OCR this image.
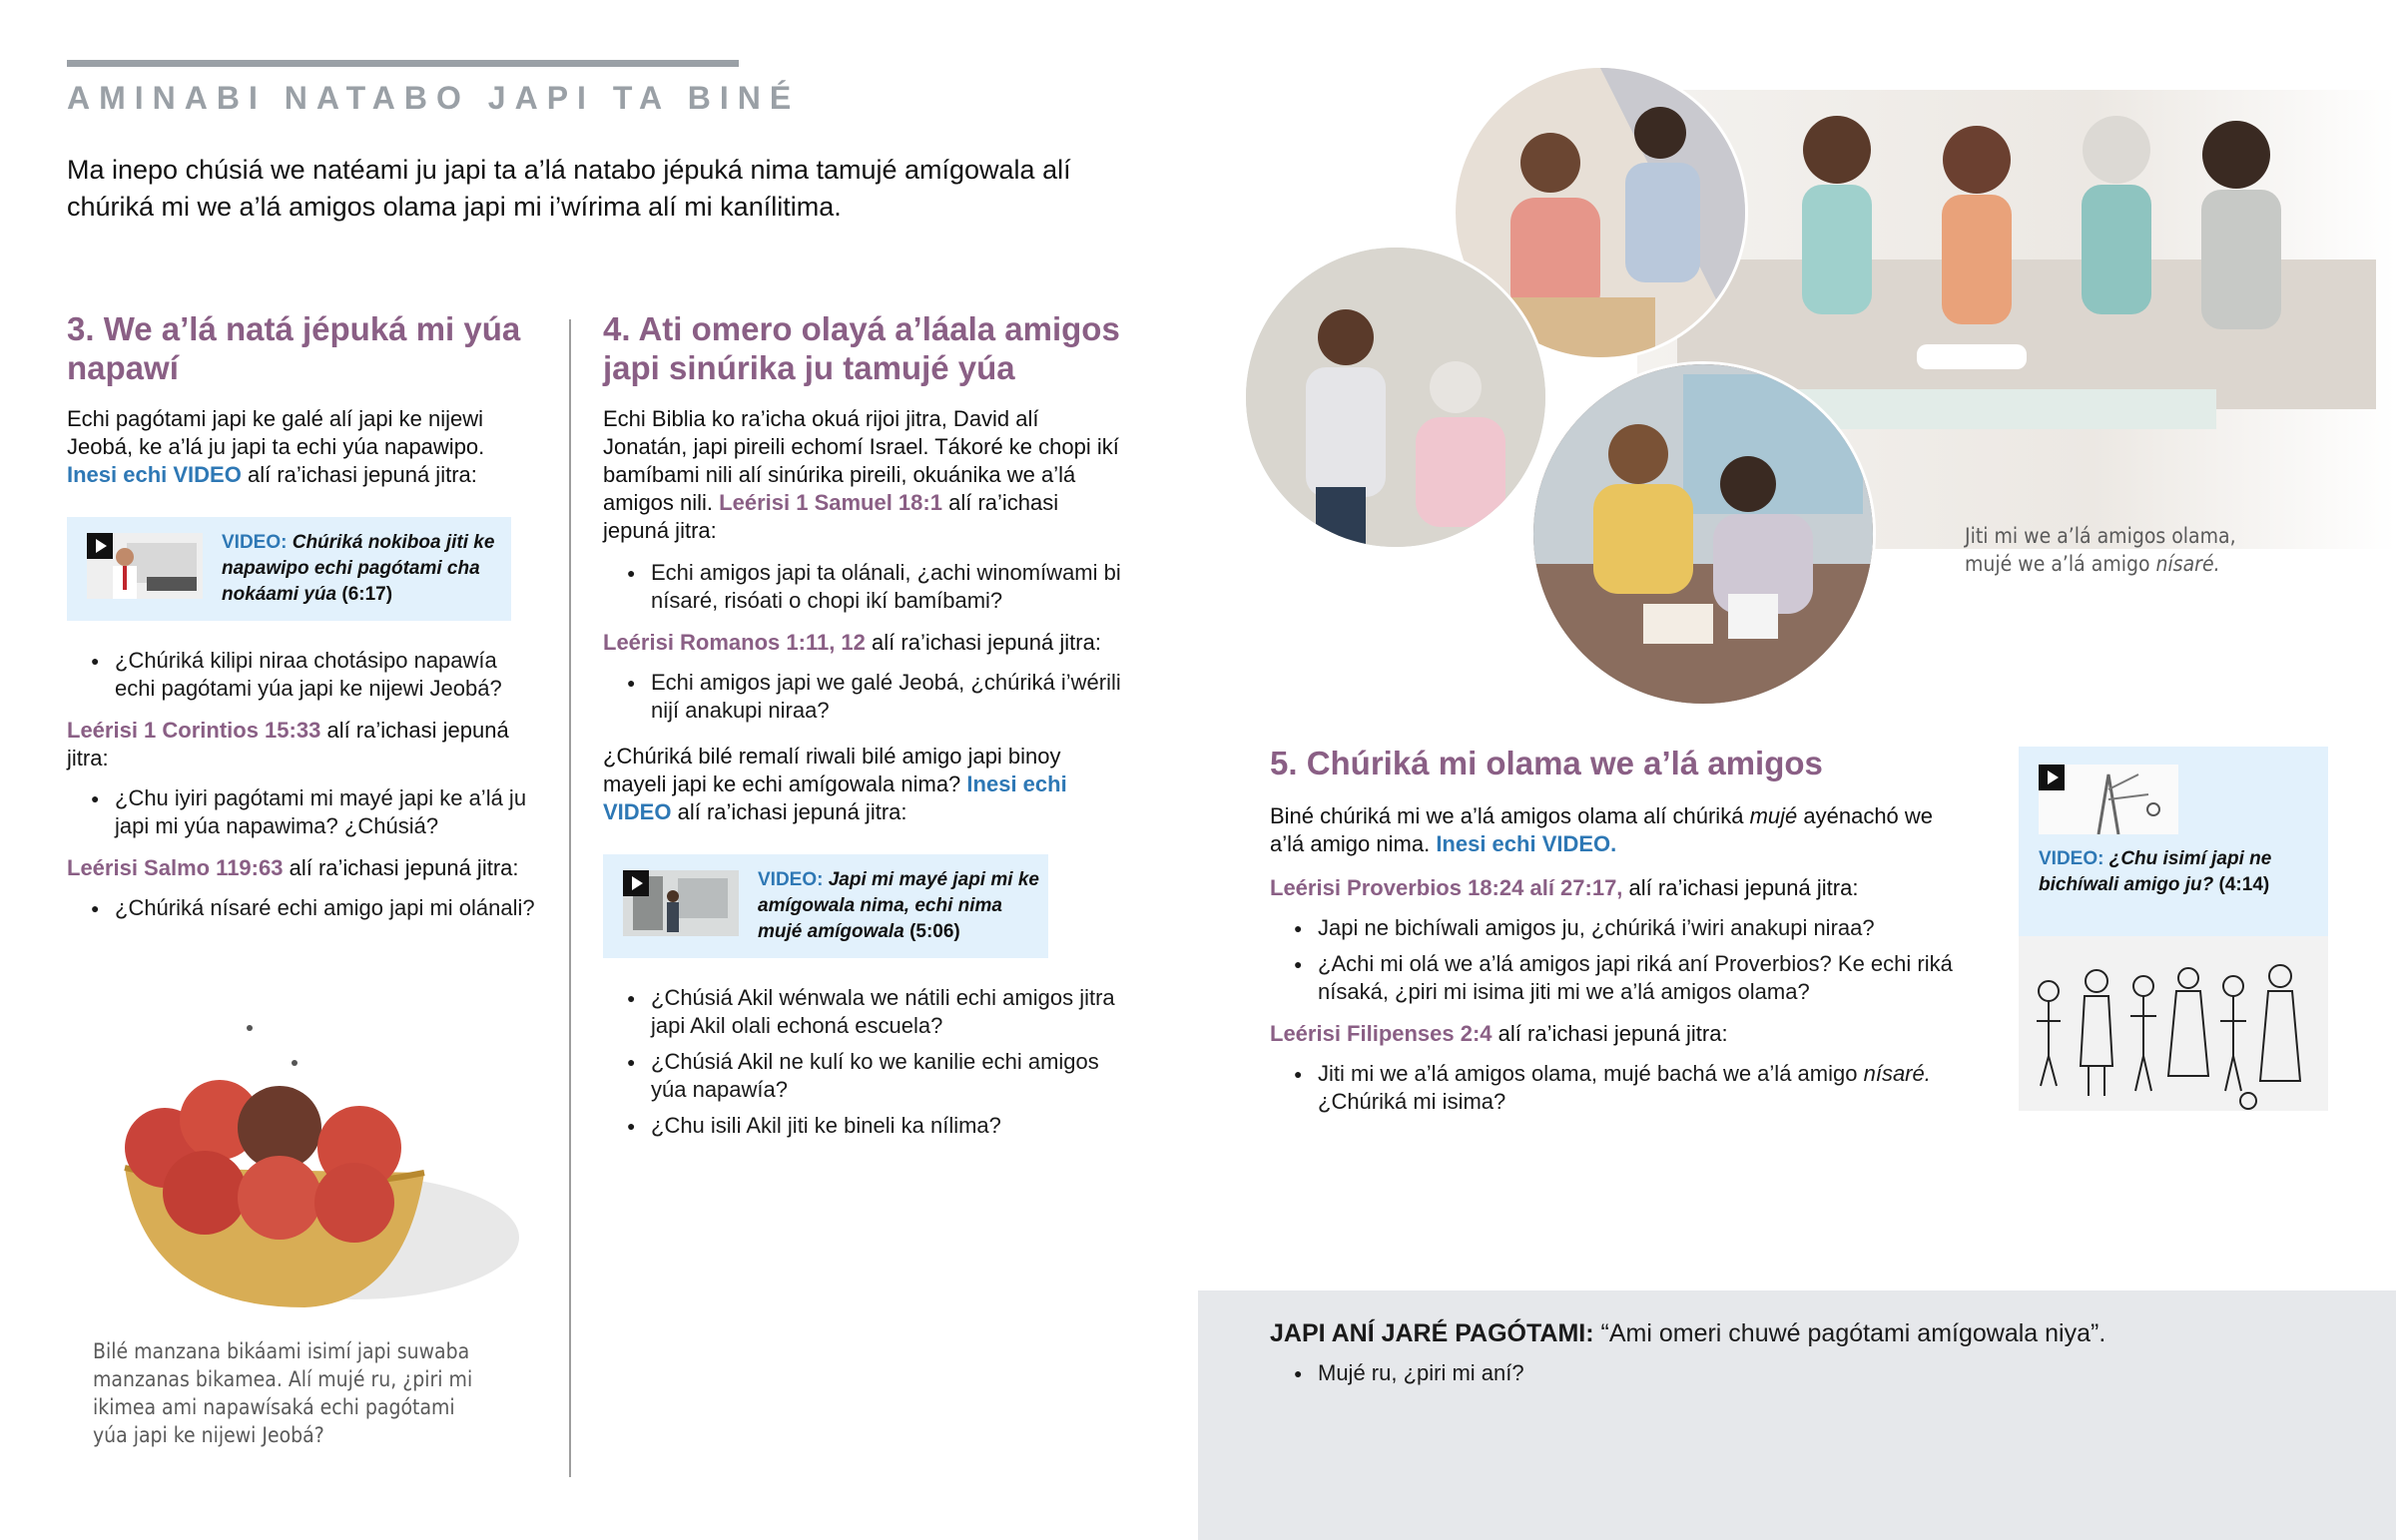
AMINABI NATABO JAPI TA BINÉ
Ma inepo chúsiá we natéami ju japi ta a’lá natabo jépuká nima tamujé amígowala alí chúriká mi we a’lá amigos olama japi mi i’wírima alí mi kanílitima.
3. We a’lá natá jépuká mi yúa napawí
Echi pagótami japi ke galé alí japi ke nijewi Jeobá, ke a’lá ju japi ta echi yúa napawipo. Inesi echi VIDEO alí ra’ichasi jepuná jitra:
VIDEO: Chúriká nokiboa jiti ke napawipo echi pagótami cha nokáami yúa (6:17)
● ¿Chúriká kilipi niraa chotásipo napawía echi pagótami yúa japi ke nijewi Jeobá?
Leérisi 1 Corintios 15:33 alí ra’ichasi jepuná jitra:
● ¿Chu iyiri pagótami mi mayé japi ke a’lá ju japi mi yúa napawima? ¿Chúsiá?
Leérisi Salmo 119:63 alí ra’ichasi jepuná jitra:
● ¿Chúriká nísaré echi amigo japi mi olánali?
Bilé manzana bikáami isimí japi suwaba manzanas bikamea. Alí mujé ru, ¿piri mi ikimea ami napawísaká echi pagótami yúa japi ke nijewi Jeobá?
4. Ati omero olayá a’láala amigos japi sinúrika ju tamujé yúa
Echi Biblia ko ra’icha okuá rijoi jitra, David alí Jonatán, japi pireili echomí Israel. Tákoré ke chopi ikí bamíbami nili alí sinúrika pireili, okuánika we a’lá amigos nili. Leérisi 1 Samuel 18:1 alí ra’ichasi jepuná jitra:
● Echi amigos japi ta olánali, ¿achi winomíwami bi nísaré, risóati o chopi ikí bamíbami?
Leérisi Romanos 1:11, 12 alí ra’ichasi jepuná jitra:
● Echi amigos japi we galé Jeobá, ¿chúriká i’wérili nijí anakupi niraa?
¿Chúriká bilé remalí riwali bilé amigo japi binoy mayeli japi ke echi amígowala nima? Inesi echi VIDEO alí ra’ichasi jepuná jitra:
VIDEO: Japi mi mayé japi mi ke amígowala nima, echi nima mujé amígowala (5:06)
● ¿Chúsiá Akil wénwala we nátili echi amigos jitra japi Akil olali echoná escuela?
● ¿Chúsiá Akil ne kulí ko we kanilie echi amigos yúa napawía?
● ¿Chu isili Akil jiti ke bineli ka nílima?
Jiti mi we a’lá amigos olama, mujé we a’lá amigo nísaré.
5. Chúriká mi olama we a’lá amigos
Biné chúriká mi we a’lá amigos olama alí chúriká mujé ayénachó we a’lá amigo nima. Inesi echi VIDEO.
Leérisi Proverbios 18:24 alí 27:17, alí ra’ichasi jepuná jitra:
● Japi ne bichíwali amigos ju, ¿chúriká i’wiri anakupi niraa?
● ¿Achi mi olá we a’lá amigos japi riká aní Proverbios? Ke echi riká nísaká, ¿piri mi isima jiti mi we a’lá amigos olama?
Leérisi Filipenses 2:4 alí ra’ichasi jepuná jitra:
● Jiti mi we a’lá amigos olama, mujé bachá we a’lá amigo nísaré. ¿Chúriká mi isima?
VIDEO: ¿Chu isimí japi ne bichíwali amigo ju? (4:14)
JAPI ANÍ JARÉ PAGÓTAMI: “Ami omeri chuwé pagótami amígowala niya”.
● Mujé ru, ¿piri mi aní?
